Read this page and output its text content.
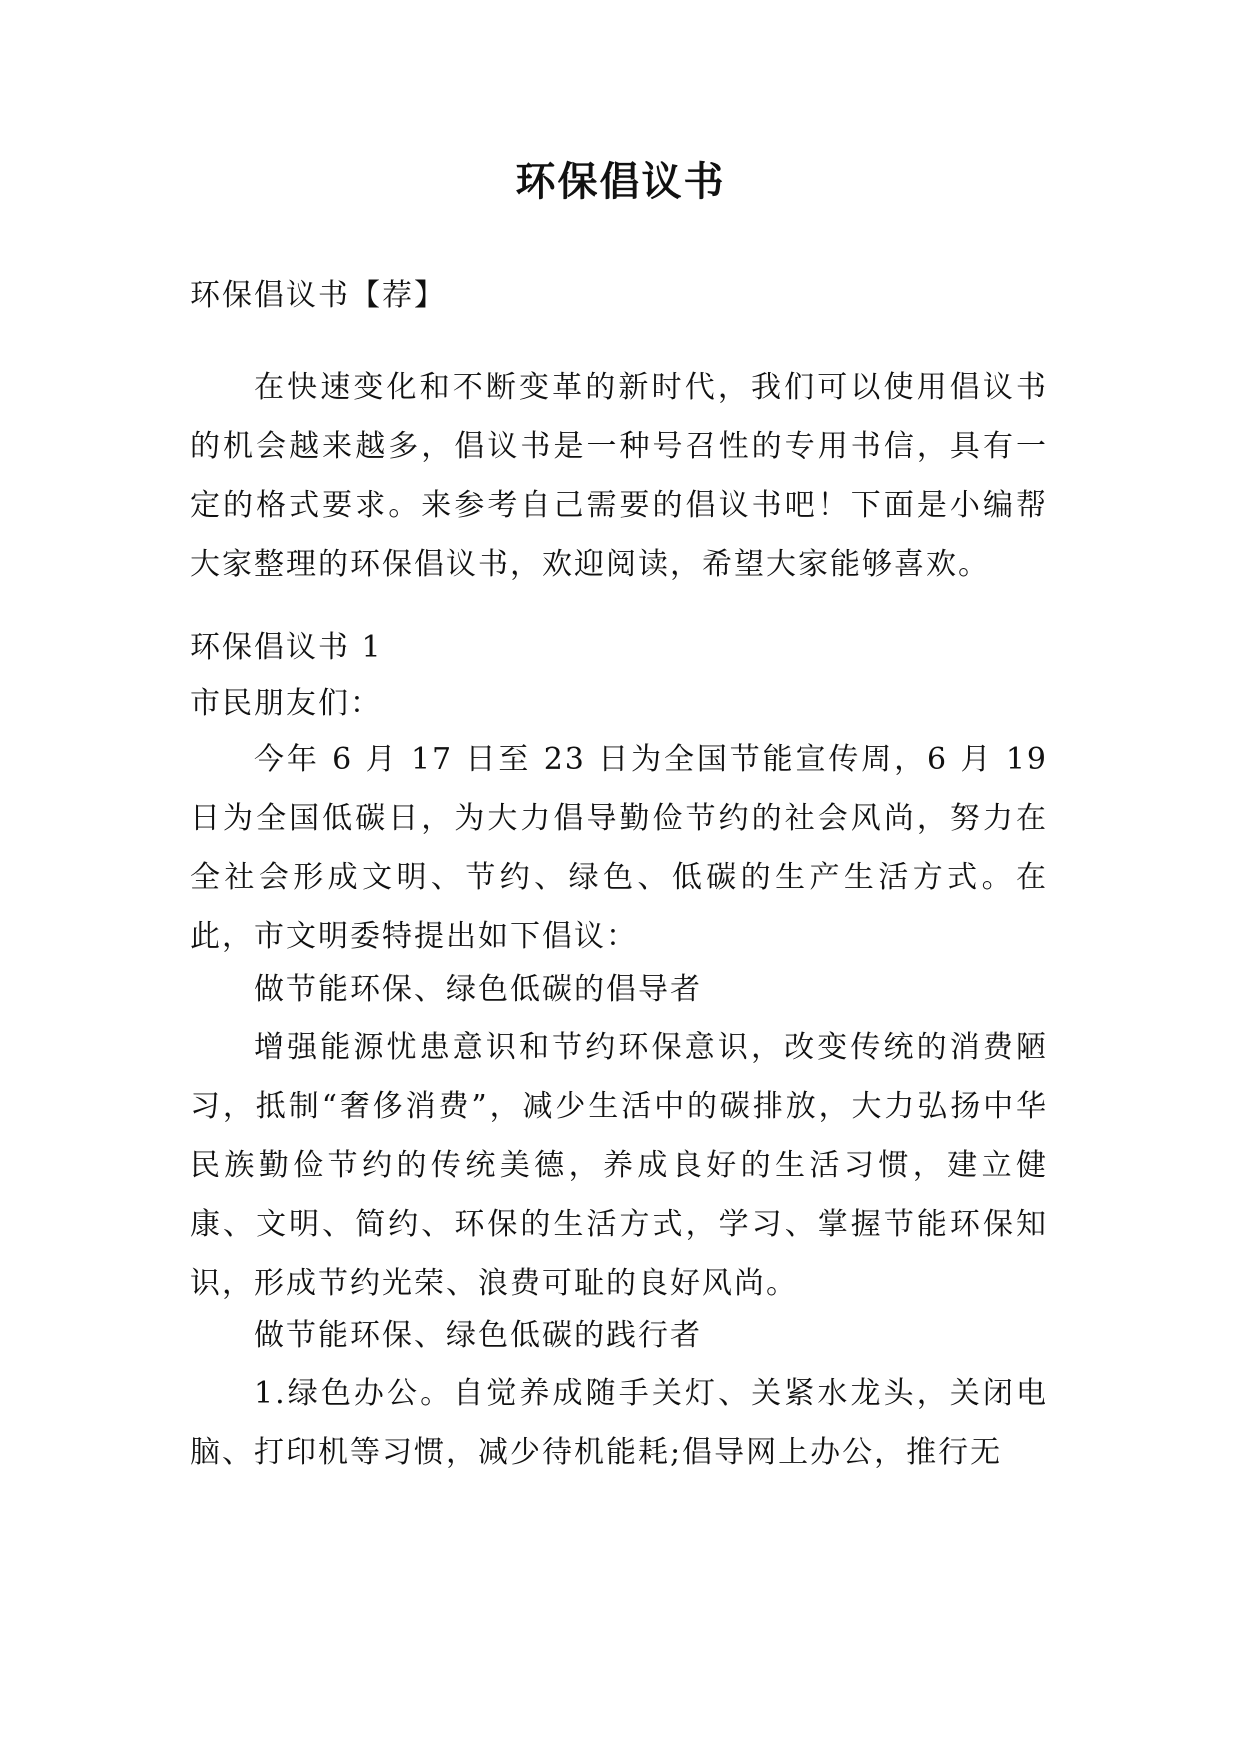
环保倡议书

环保倡议书【荐】

在快速变化和不断变革的新时代，我们可以使用倡议书的机会越来越多，倡议书是一种号召性的专用书信，具有一定的格式要求。来参考自己需要的倡议书吧！下面是小编帮大家整理的环保倡议书，欢迎阅读，希望大家能够喜欢。

环保倡议书 1

市民朋友们：

今年 6 月 17 日至 23 日为全国节能宣传周，6 月 19 日为全国低碳日，为大力倡导勤俭节约的社会风尚，努力在全社会形成文明、节约、绿色、低碳的生产生活方式。在此，市文明委特提出如下倡议：

做节能环保、绿色低碳的倡导者

增强能源忧患意识和节约环保意识，改变传统的消费陋习，抵制“奢侈消费”，减少生活中的碳排放，大力弘扬中华民族勤俭节约的传统美德，养成良好的生活习惯，建立健康、文明、简约、环保的生活方式，学习、掌握节能环保知识，形成节约光荣、浪费可耻的良好风尚。

做节能环保、绿色低碳的践行者

1.绿色办公。自觉养成随手关灯、关紧水龙头，关闭电脑、打印机等习惯，减少待机能耗;倡导网上办公，推行无
